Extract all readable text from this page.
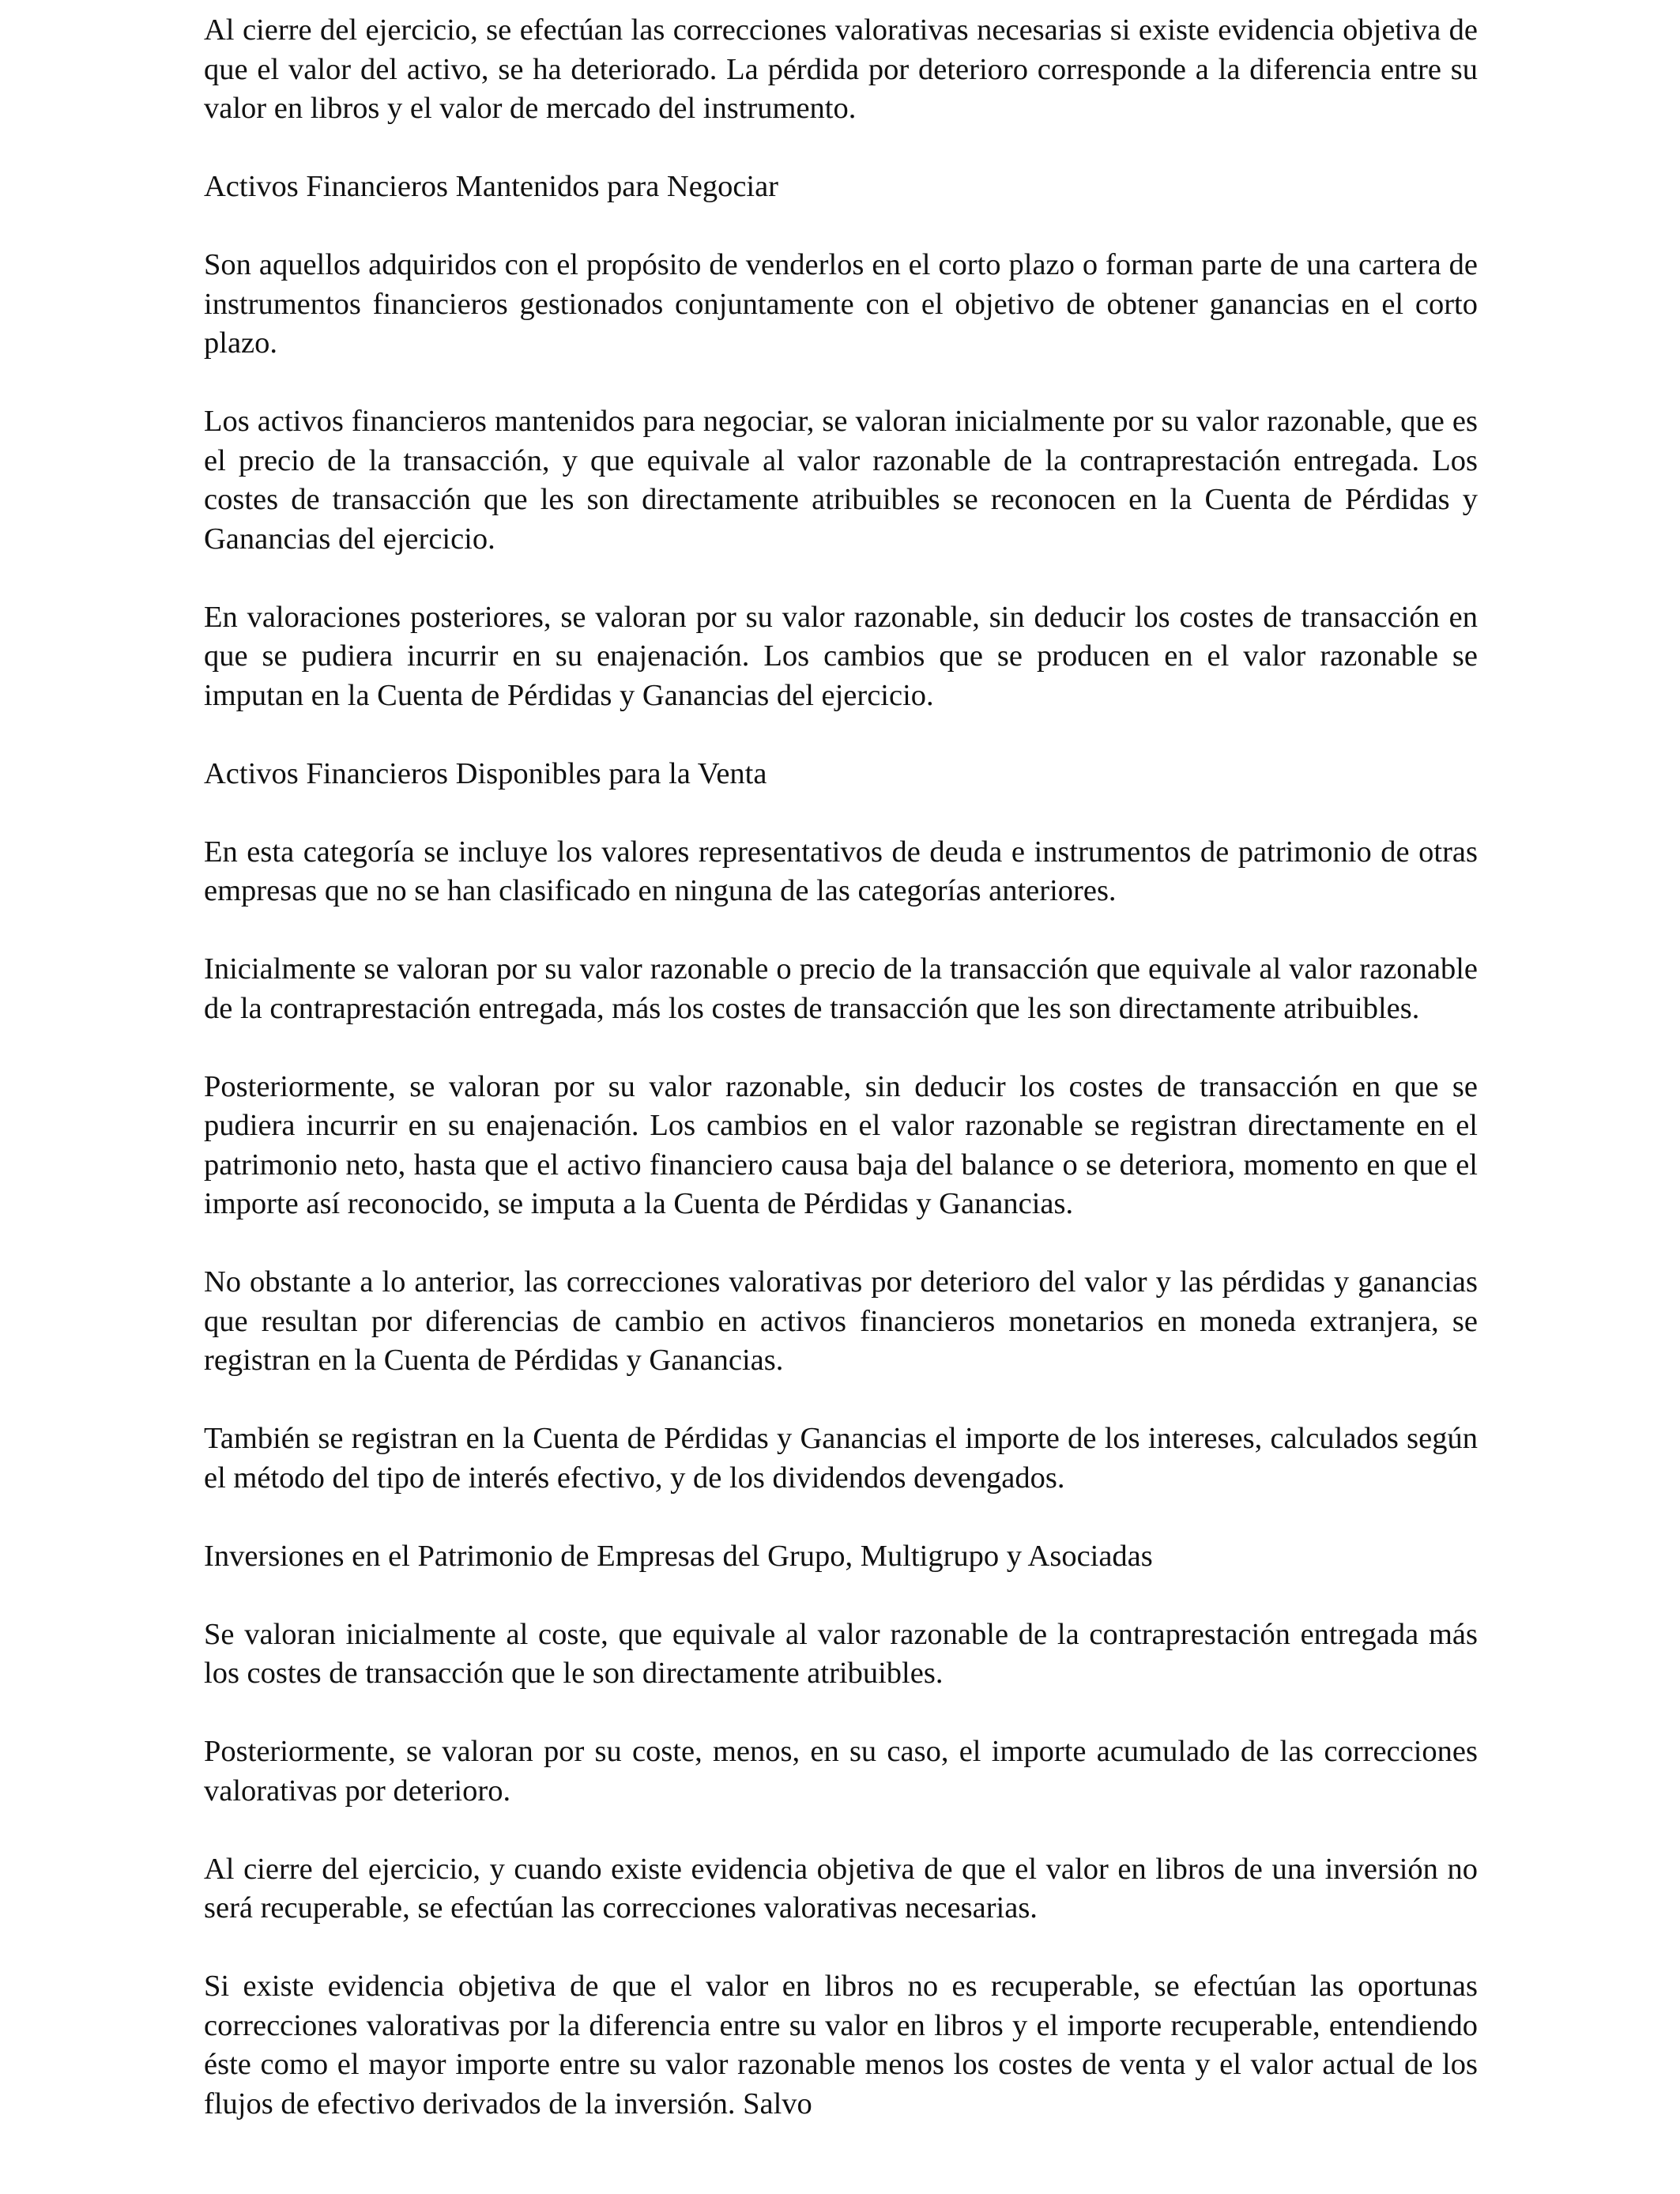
Al cierre del ejercicio, se efectúan las correcciones valorativas necesarias si existe evidencia objetiva de que el valor del activo, se ha deteriorado. La pérdida por deterioro corresponde a la diferencia entre su valor en libros y el valor de mercado del instrumento.

Activos Financieros Mantenidos para Negociar

Son aquellos adquiridos con el propósito de venderlos en el corto plazo o forman parte de una cartera de instrumentos financieros gestionados conjuntamente con el objetivo de obtener ganancias en el corto plazo.

Los activos financieros mantenidos para negociar, se valoran inicialmente por su valor razonable, que es el precio de la transacción, y que equivale al valor razonable de la contraprestación entregada. Los costes de transacción que les son directamente atribuibles se reconocen en la Cuenta de Pérdidas y Ganancias del ejercicio.

En valoraciones posteriores, se valoran por su valor razonable, sin deducir los costes de transacción en que se pudiera incurrir en su enajenación. Los cambios que se producen en el valor razonable se imputan en la Cuenta de Pérdidas y Ganancias del ejercicio.

Activos Financieros Disponibles para la Venta

En esta categoría se incluye los valores representativos de deuda e instrumentos de patrimonio de otras empresas que no se han clasificado en ninguna de las categorías anteriores.

Inicialmente se valoran por su valor razonable o precio de la transacción que equivale al valor razonable de la contraprestación entregada, más los costes de transacción que les son directamente atribuibles.

Posteriormente, se valoran por su valor razonable, sin deducir los costes de transacción en que se pudiera incurrir en su enajenación. Los cambios en el valor razonable se registran directamente en el patrimonio neto, hasta que el activo financiero causa baja del balance o se deteriora, momento en que el importe así reconocido, se imputa a la Cuenta de Pérdidas y Ganancias.

No obstante a lo anterior, las correcciones valorativas por deterioro del valor y las pérdidas y ganancias que resultan por diferencias de cambio en activos financieros monetarios en moneda extranjera, se registran en la Cuenta de Pérdidas y Ganancias.

También se registran en la Cuenta de Pérdidas y Ganancias el importe de los intereses, calculados según el método del tipo de interés efectivo, y de los dividendos devengados.

Inversiones en el Patrimonio de Empresas del Grupo, Multigrupo y Asociadas

Se valoran inicialmente al coste, que equivale al valor razonable de la contraprestación entregada más los costes de transacción que le son directamente atribuibles.

Posteriormente, se valoran por su coste, menos, en su caso, el importe acumulado de las correcciones valorativas por deterioro.

Al cierre del ejercicio, y cuando existe evidencia objetiva de que el valor en libros de una inversión no será recuperable, se efectúan las correcciones valorativas necesarias.

Si existe evidencia objetiva de que el valor en libros no es recuperable, se efectúan las oportunas correcciones valorativas por la diferencia entre su valor en libros y el importe recuperable, entendiendo éste como el mayor importe entre su valor razonable menos los costes de venta y el valor actual de los flujos de efectivo derivados de la inversión. Salvo
